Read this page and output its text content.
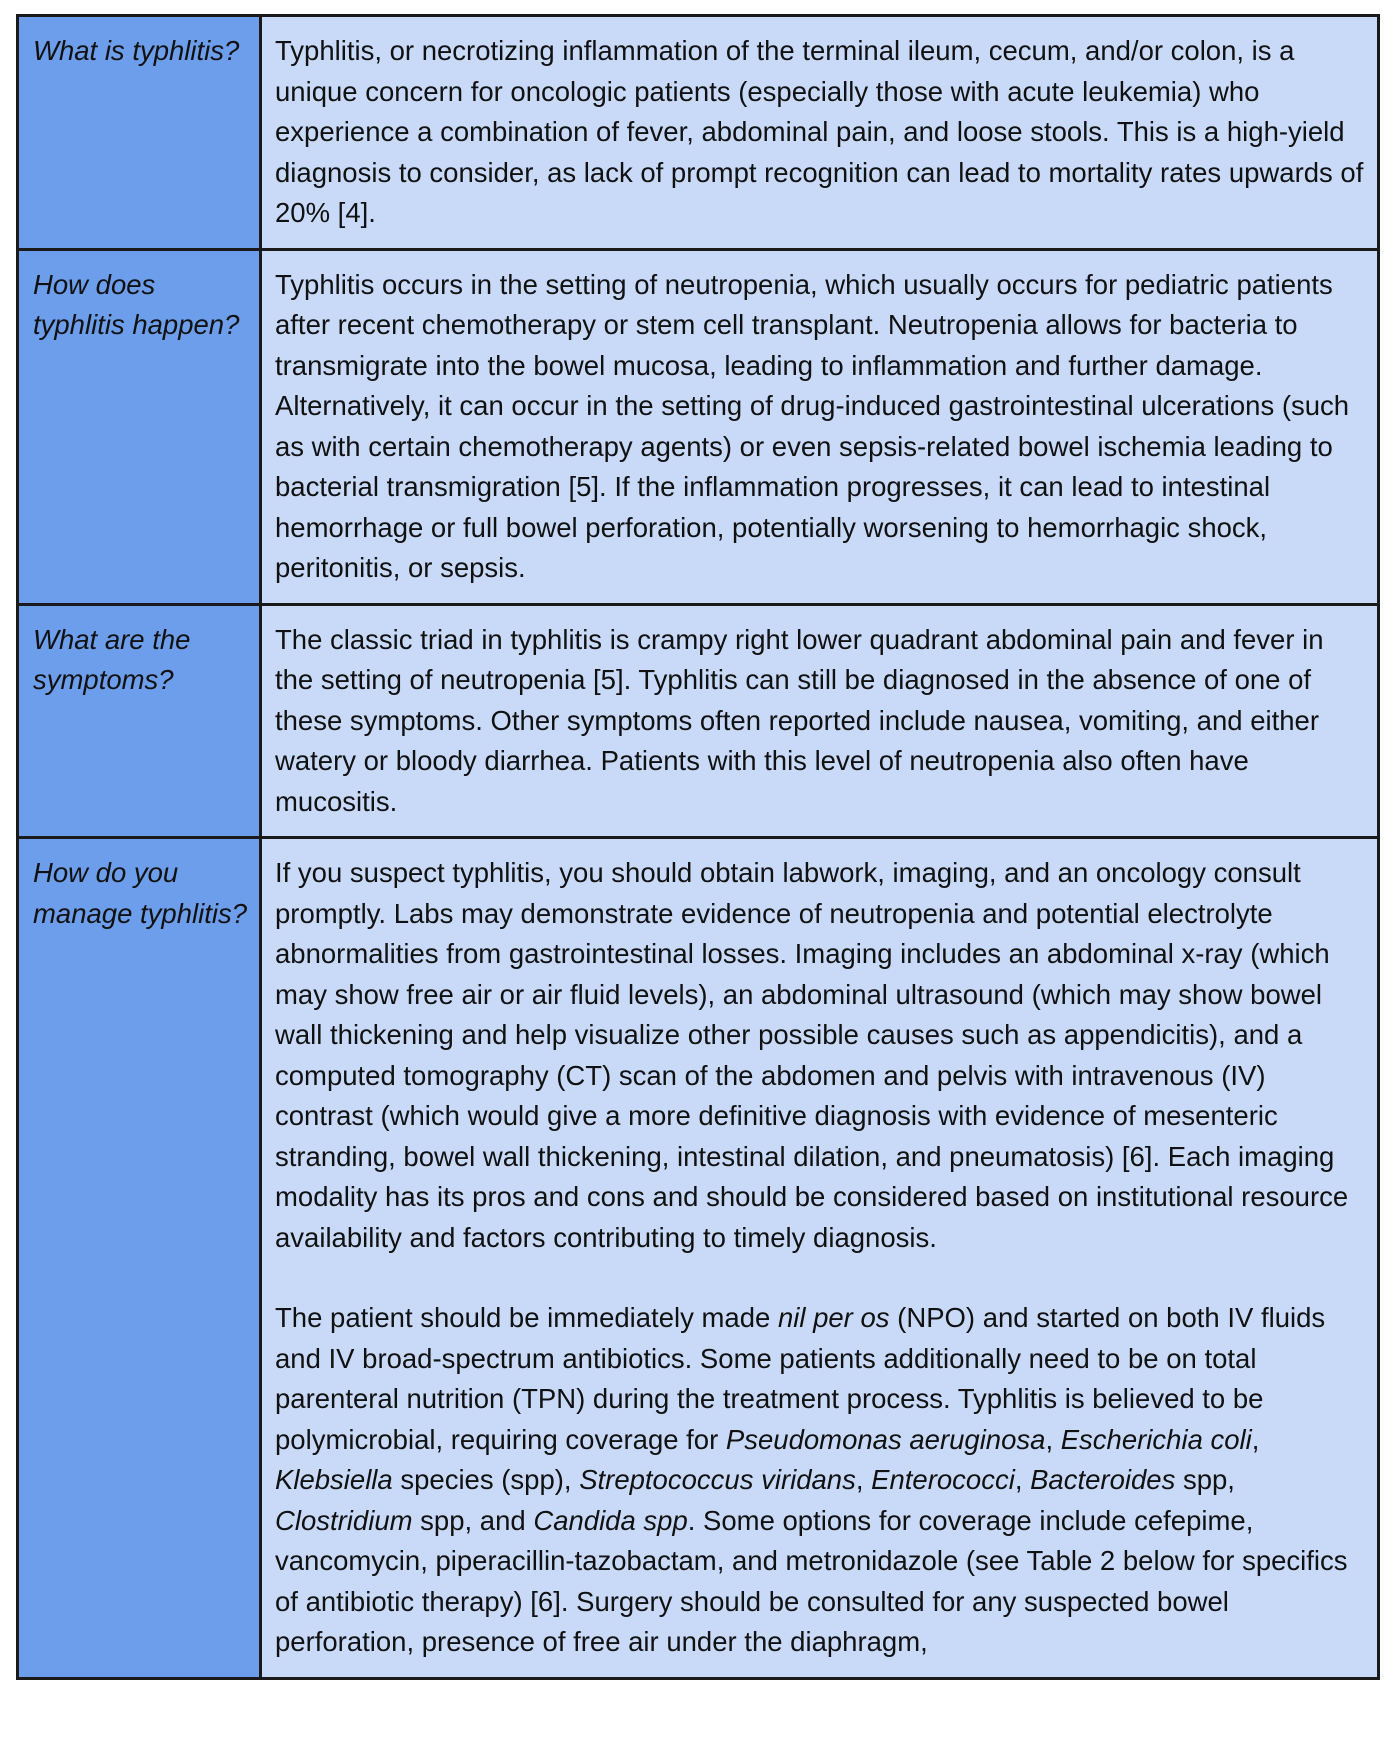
What is typhlitis?	Typhlitis, or necrotizing inflammation of the terminal ileum, cecum, and/or colon, is a unique concern for oncologic patients (especially those with acute leukemia) who experience a combination of fever, abdominal pain, and loose stools. This is a high-yield diagnosis to consider, as lack of prompt recognition can lead to mortality rates upwards of 20% [4].

How does typhlitis happen?	Typhlitis occurs in the setting of neutropenia, which usually occurs for pediatric patients after recent chemotherapy or stem cell transplant. Neutropenia allows for bacteria to transmigrate into the bowel mucosa, leading to inflammation and further damage. Alternatively, it can occur in the setting of drug-induced gastrointestinal ulcerations (such as with certain chemotherapy agents) or even sepsis-related bowel ischemia leading to bacterial transmigration [5]. If the inflammation progresses, it can lead to intestinal hemorrhage or full bowel perforation, potentially worsening to hemorrhagic shock, peritonitis, or sepsis.

What are the symptoms?	The classic triad in typhlitis is crampy right lower quadrant abdominal pain and fever in the setting of neutropenia [5]. Typhlitis can still be diagnosed in the absence of one of these symptoms. Other symptoms often reported include nausea, vomiting, and either watery or bloody diarrhea. Patients with this level of neutropenia also often have mucositis.

How do you manage typhlitis?	If you suspect typhlitis, you should obtain labwork, imaging, and an oncology consult promptly. Labs may demonstrate evidence of neutropenia and potential electrolyte abnormalities from gastrointestinal losses. Imaging includes an abdominal x-ray (which may show free air or air fluid levels), an abdominal ultrasound (which may show bowel wall thickening and help visualize other possible causes such as appendicitis), and a computed tomography (CT) scan of the abdomen and pelvis with intravenous (IV) contrast (which would give a more definitive diagnosis with evidence of mesenteric stranding, bowel wall thickening, intestinal dilation, and pneumatosis) [6]. Each imaging modality has its pros and cons and should be considered based on institutional resource availability and factors contributing to timely diagnosis.

The patient should be immediately made nil per os (NPO) and started on both IV fluids and IV broad-spectrum antibiotics. Some patients additionally need to be on total parenteral nutrition (TPN) during the treatment process. Typhlitis is believed to be polymicrobial, requiring coverage for Pseudomonas aeruginosa, Escherichia coli, Klebsiella species (spp), Streptococcus viridans, Enterococci, Bacteroides spp, Clostridium spp, and Candida spp. Some options for coverage include cefepime, vancomycin, piperacillin-tazobactam, and metronidazole (see Table 2 below for specifics of antibiotic therapy) [6]. Surgery should be consulted for any suspected bowel perforation, presence of free air under the diaphragm,
